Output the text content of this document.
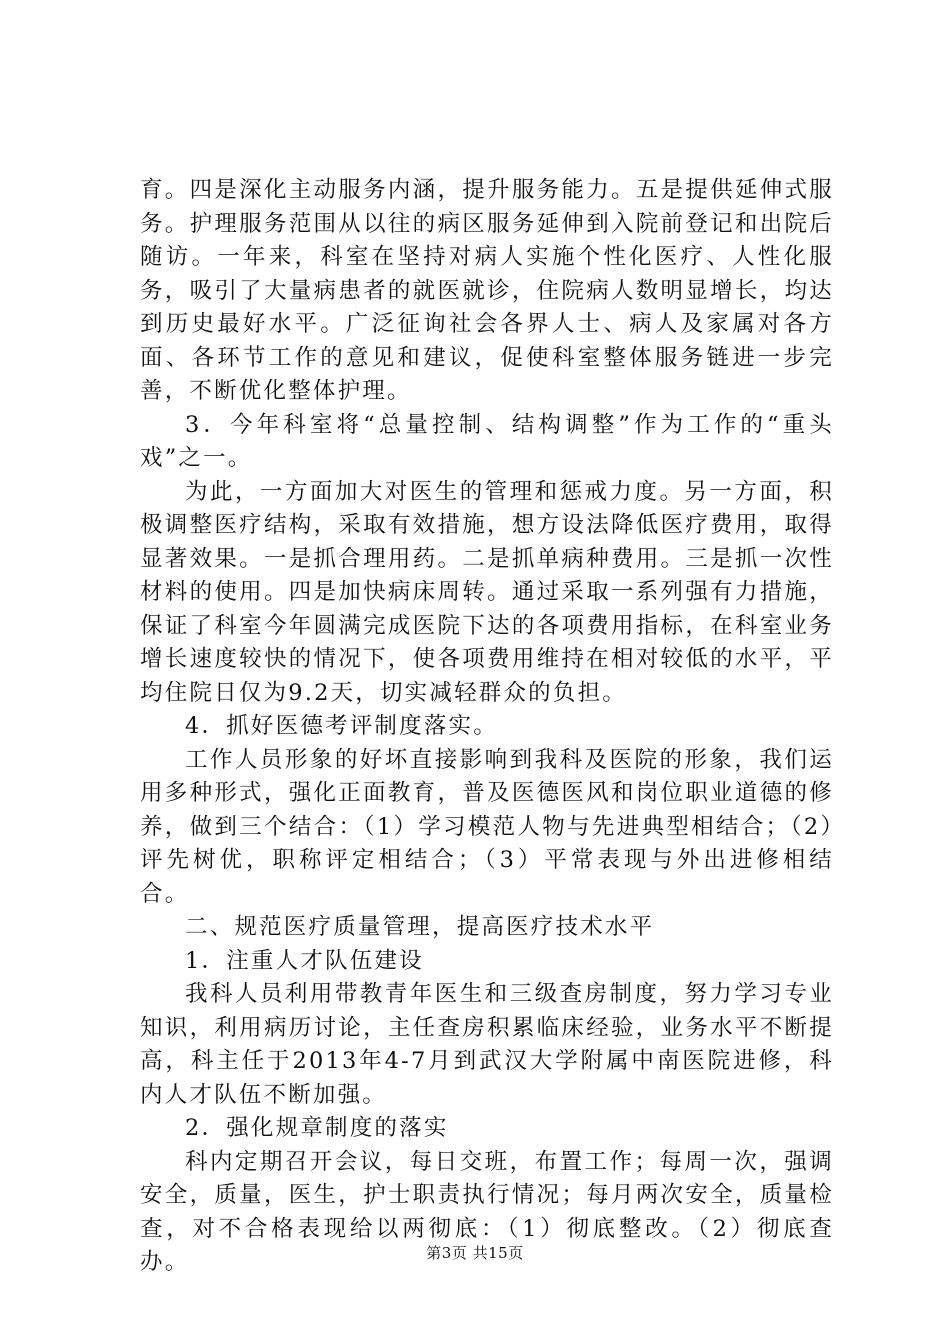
育。四是深化主动服务内涵，提升服务能力。五是提供延伸式服务。护理服务范围从以往的病区服务延伸到入院前登记和出院后随访。一年来，科室在坚持对病人实施个性化医疗、人性化服务，吸引了大量病患者的就医就诊，住院病人数明显增长，均达到历史最好水平。广泛征询社会各界人士、病人及家属对各方面、各环节工作的意见和建议，促使科室整体服务链进一步完善，不断优化整体护理。

3．今年科室将“总量控制、结构调整”作为工作的“重头戏”之一。

为此，一方面加大对医生的管理和惩戒力度。另一方面，积极调整医疗结构，采取有效措施，想方设法降低医疗费用，取得显著效果。一是抓合理用药。二是抓单病种费用。三是抓一次性材料的使用。四是加快病床周转。通过采取一系列强有力措施，保证了科室今年圆满完成医院下达的各项费用指标，在科室业务增长速度较快的情况下，使各项费用维持在相对较低的水平，平均住院日仅为9.2天，切实减轻群众的负担。

4．抓好医德考评制度落实。

工作人员形象的好坏直接影响到我科及医院的形象，我们运用多种形式，强化正面教育，普及医德医风和岗位职业道德的修养，做到三个结合：（1）学习模范人物与先进典型相结合；（2）评先树优，职称评定相结合；（3）平常表现与外出进修相结合。

二、规范医疗质量管理，提高医疗技术水平

1．注重人才队伍建设

我科人员利用带教青年医生和三级查房制度，努力学习专业知识，利用病历讨论，主任查房积累临床经验，业务水平不断提高，科主任于2013年4-7月到武汉大学附属中南医院进修，科内人才队伍不断加强。

2．强化规章制度的落实

科内定期召开会议，每日交班，布置工作；每周一次，强调安全，质量，医生，护士职责执行情况；每月两次安全，质量检查，对不合格表现给以两彻底：（1）彻底整改。（2）彻底查办。	第3页 共15页
